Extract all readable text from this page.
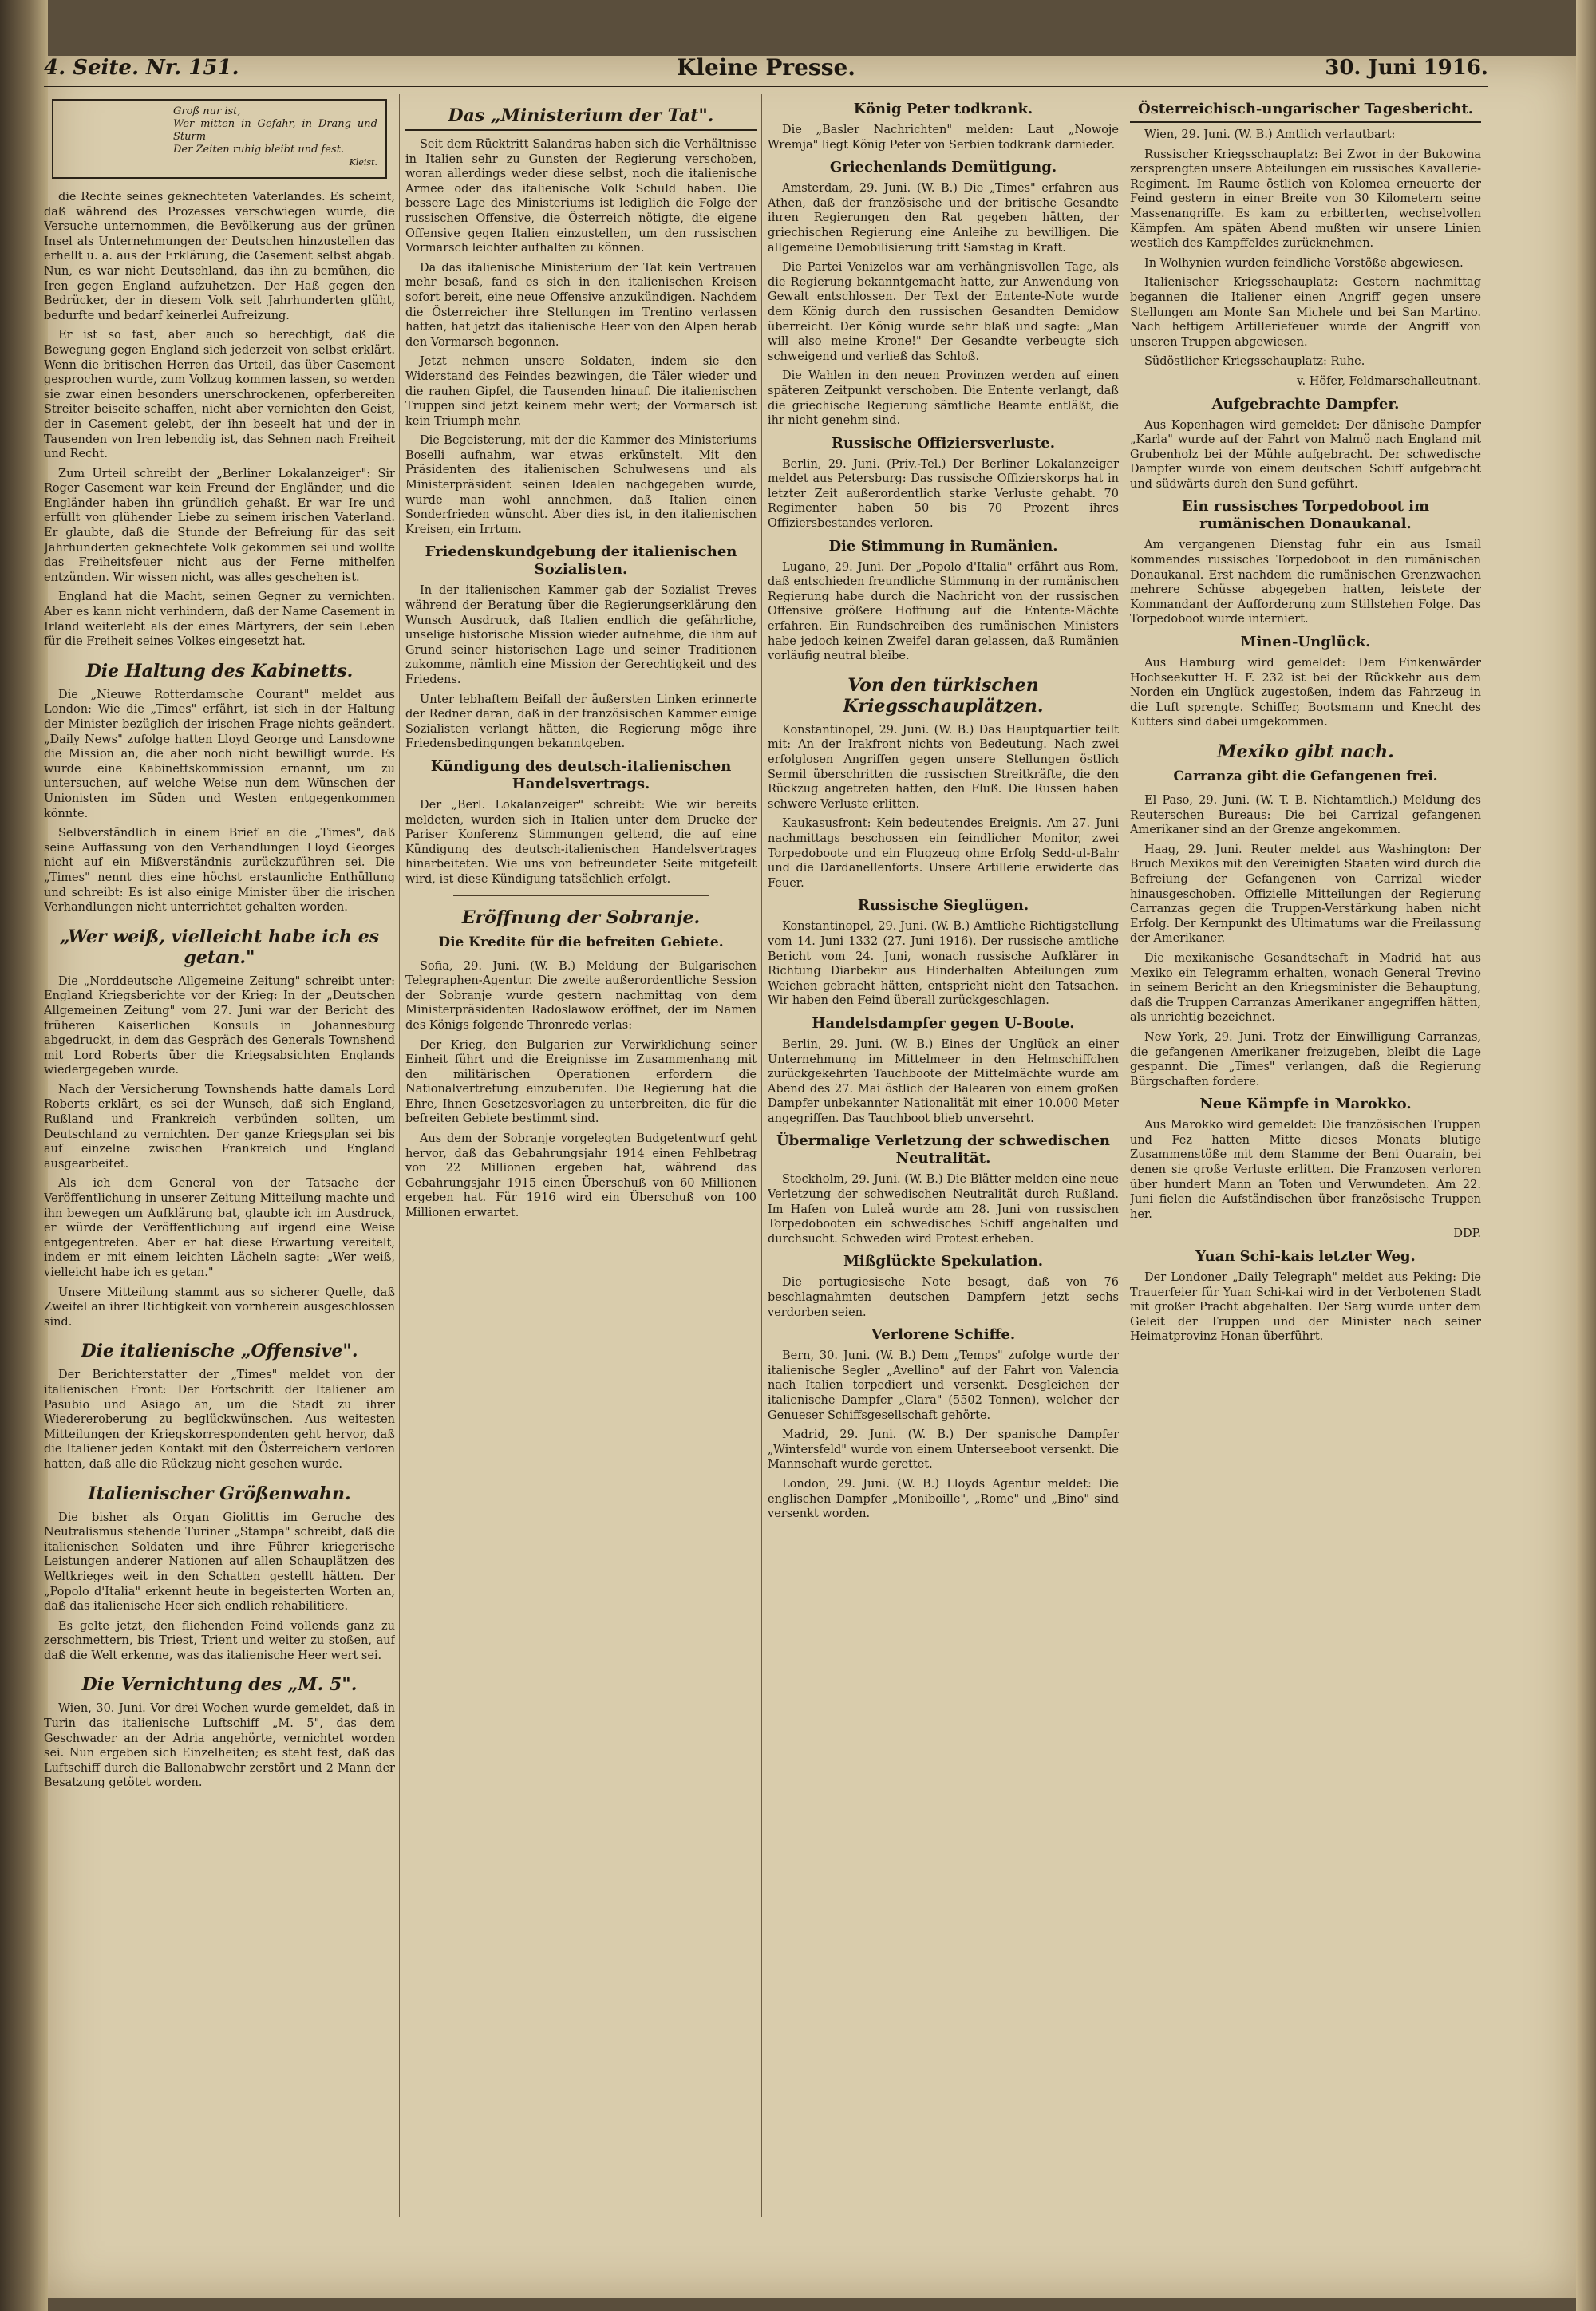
4. Seite. Nr. 151.	Kleine Presse.	30. Juni 1916.
Groß nur ist,
Wer mitten in Gefahr, in Drang und Sturm
Der Zeiten ruhig bleibt und fest.
Kleist.

die Rechte seines geknechteten Vaterlandes. Es scheint, daß während des Prozesses verschwiegen wurde, die Versuche unternommen, die Bevölkerung aus der grünen Insel als Unternehmungen der Deutschen hinzustellen das erhellt u. a. aus der Erklärung, die Casement selbst abgab. Nun, es war nicht Deutschland, das ihn zu bemühen, die Iren gegen England aufzuhetzen. Der Haß gegen den Bedrücker, der in diesem Volk seit Jahrhunderten glüht, bedurfte und bedarf keinerlei Aufreizung.

Er ist so fast, aber auch so berechtigt, daß die Bewegung gegen England sich jederzeit von selbst erklärt. Wenn die britischen Herren das Urteil, das über Casement gesprochen wurde, zum Vollzug kommen lassen, so werden sie zwar einen besonders unerschrockenen, opferbereiten Streiter beiseite schaffen, nicht aber vernichten den Geist, der in Casement gelebt, der ihn beseelt hat und der in Tausenden von Iren lebendig ist, das Sehnen nach Freiheit und Recht.

Zum Urteil schreibt der „Berliner Lokalanzeiger": Sir Roger Casement war kein Freund der Engländer, und die Engländer haben ihn gründlich gehaßt. Er war Ire und erfüllt von glühender Liebe zu seinem irischen Vaterland. Er glaubte, daß die Stunde der Befreiung für das seit Jahrhunderten geknechtete Volk gekommen sei und wollte das Freiheitsfeuer nicht aus der Ferne mithelfen entzünden. Wir wissen nicht, was alles geschehen ist.

England hat die Macht, seinen Gegner zu vernichten. Aber es kann nicht verhindern, daß der Name Casement in Irland weiterlebt als der eines Märtyrers, der sein Leben für die Freiheit seines Volkes eingesetzt hat.

Die Haltung des Kabinetts.

Die „Nieuwe Rotterdamsche Courant" meldet aus London: Wie die „Times" erfährt, ist sich in der Haltung der Minister bezüglich der irischen Frage nichts geändert. „Daily News" zufolge hatten Lloyd George und Lansdowne die Mission an, die aber noch nicht bewilligt wurde. Es wurde eine Kabinettskommission ernannt, um zu untersuchen, auf welche Weise nun dem Wünschen der Unionisten im Süden und Westen entgegenkommen könnte.

Selbverständlich in einem Brief an die „Times", daß seine Auffassung von den Verhandlungen Lloyd Georges nicht auf ein Mißverständnis zurückzuführen sei. Die „Times" nennt dies eine höchst erstaunliche Enthüllung und schreibt: Es ist also einige Minister über die irischen Verhandlungen nicht unterrichtet gehalten worden.

„Wer weiß, vielleicht habe ich es getan."

Die „Norddeutsche Allgemeine Zeitung" schreibt unter: England Kriegsberichte vor der Krieg: In der „Deutschen Allgemeinen Zeitung" vom 27. Juni war der Bericht des früheren Kaiserlichen Konsuls in Johannesburg abgedruckt, in dem das Gespräch des Generals Townshend mit Lord Roberts über die Kriegsabsichten Englands wiedergegeben wurde.

Nach der Versicherung Townshends hatte damals Lord Roberts erklärt, es sei der Wunsch, daß sich England, Rußland und Frankreich verbünden sollten, um Deutschland zu vernichten. Der ganze Kriegsplan sei bis auf einzelne zwischen Frankreich und England ausgearbeitet.

Als ich dem General von der Tatsache der Veröffentlichung in unserer Zeitung Mitteilung machte und ihn bewegen um Aufklärung bat, glaubte ich im Ausdruck, er würde der Veröffentlichung auf irgend eine Weise entgegentreten. Aber er hat diese Erwartung vereitelt, indem er mit einem leichten Lächeln sagte: „Wer weiß, vielleicht habe ich es getan."

Unsere Mitteilung stammt aus so sicherer Quelle, daß Zweifel an ihrer Richtigkeit von vornherein ausgeschlossen sind.

Die italienische „Offensive".

Der Berichterstatter der „Times" meldet von der italienischen Front: Der Fortschritt der Italiener am Pasubio und Asiago an, um die Stadt zu ihrer Wiedereroberung zu beglückwünschen. Aus weitesten Mitteilungen der Kriegskorrespondenten geht hervor, daß die Italiener jeden Kontakt mit den Österreichern verloren hatten, daß alle die Rückzug nicht gesehen wurde.

Italienischer Größenwahn.

Die bisher als Organ Giolittis im Geruche des Neutralismus stehende Turiner „Stampa" schreibt, daß die italienischen Soldaten und ihre Führer kriegerische Leistungen anderer Nationen auf allen Schauplätzen des Weltkrieges weit in den Schatten gestellt hätten. Der „Popolo d'Italia" erkennt heute in begeisterten Worten an, daß das italienische Heer sich endlich rehabilitiere.

Es gelte jetzt, den fliehenden Feind vollends ganz zu zerschmettern, bis Triest, Trient und weiter zu stoßen, auf daß die Welt erkenne, was das italienische Heer wert sei.

Die Vernichtung des „M. 5".

Wien, 30. Juni. Vor drei Wochen wurde gemeldet, daß in Turin das italienische Luftschiff „M. 5", das dem Geschwader an der Adria angehörte, vernichtet worden sei. Nun ergeben sich Einzelheiten; es steht fest, daß das Luftschiff durch die Ballonabwehr zerstört und 2 Mann der Besatzung getötet worden.

Das „Ministerium der Tat".

Seit dem Rücktritt Salandras haben sich die Verhältnisse in Italien sehr zu Gunsten der Regierung verschoben, woran allerdings weder diese selbst, noch die italienische Armee oder das italienische Volk Schuld haben. Die bessere Lage des Ministeriums ist lediglich die Folge der russischen Offensive, die Österreich nötigte, die eigene Offensive gegen Italien einzustellen, um den russischen Vormarsch leichter aufhalten zu können.

Da das italienische Ministerium der Tat kein Vertrauen mehr besaß, fand es sich in den italienischen Kreisen sofort bereit, eine neue Offensive anzukündigen. Nachdem die Österreicher ihre Stellungen im Trentino verlassen hatten, hat jetzt das italienische Heer von den Alpen herab den Vormarsch begonnen.

Jetzt nehmen unsere Soldaten, indem sie den Widerstand des Feindes bezwingen, die Täler wieder und die rauhen Gipfel, die Tausenden hinauf. Die italienischen Truppen sind jetzt keinem mehr wert; der Vormarsch ist kein Triumph mehr.

Die Begeisterung, mit der die Kammer des Ministeriums Boselli aufnahm, war etwas erkünstelt. Mit den Präsidenten des italienischen Schulwesens und als Ministerpräsident seinen Idealen nachgegeben wurde, wurde man wohl annehmen, daß Italien einen Sonderfrieden wünscht. Aber dies ist, in den italienischen Kreisen, ein Irrtum.

Friedenskundgebung der italienischen Sozialisten.

In der italienischen Kammer gab der Sozialist Treves während der Beratung über die Regierungserklärung den Wunsch Ausdruck, daß Italien endlich die gefährliche, unselige historische Mission wieder aufnehme, die ihm auf Grund seiner historischen Lage und seiner Traditionen zukomme, nämlich eine Mission der Gerechtigkeit und des Friedens.

Unter lebhaftem Beifall der äußersten Linken erinnerte der Redner daran, daß in der französischen Kammer einige Sozialisten verlangt hätten, die Regierung möge ihre Friedensbedingungen bekanntgeben.

Kündigung des deutsch-italienischen Handelsvertrags.

Der „Berl. Lokalanzeiger" schreibt: Wie wir bereits meldeten, wurden sich in Italien unter dem Drucke der Pariser Konferenz Stimmungen geltend, die auf eine Kündigung des deutsch-italienischen Handelsvertrages hinarbeiteten. Wie uns von befreundeter Seite mitgeteilt wird, ist diese Kündigung tatsächlich erfolgt.

Eröffnung der Sobranje.
Die Kredite für die befreiten Gebiete.

Sofia, 29. Juni. (W. B.) Meldung der Bulgarischen Telegraphen-Agentur. Die zweite außerordentliche Session der Sobranje wurde gestern nachmittag von dem Ministerpräsidenten Radoslawow eröffnet, der im Namen des Königs folgende Thronrede verlas:

Der Krieg, den Bulgarien zur Verwirklichung seiner Einheit führt und die Ereignisse im Zusammenhang mit den militärischen Operationen erfordern die Nationalvertretung einzuberufen. Die Regierung hat die Ehre, Ihnen Gesetzesvorlagen zu unterbreiten, die für die befreiten Gebiete bestimmt sind.

Aus dem der Sobranje vorgelegten Budgetentwurf geht hervor, daß das Gebahrungsjahr 1914 einen Fehlbetrag von 22 Millionen ergeben hat, während das Gebahrungsjahr 1915 einen Überschuß von 60 Millionen ergeben hat. Für 1916 wird ein Überschuß von 100 Millionen erwartet.

König Peter todkrank.

Die „Basler Nachrichten" melden: Laut „Nowoje Wremja" liegt König Peter von Serbien todkrank darnieder.

Griechenlands Demütigung.

Amsterdam, 29. Juni. (W. B.) Die „Times" erfahren aus Athen, daß der französische und der britische Gesandte ihren Regierungen den Rat gegeben hätten, der griechischen Regierung eine Anleihe zu bewilligen. Die allgemeine Demobilisierung tritt Samstag in Kraft.

Die Partei Venizelos war am verhängnisvollen Tage, als die Regierung bekanntgemacht hatte, zur Anwendung von Gewalt entschlossen. Der Text der Entente-Note wurde dem König durch den russischen Gesandten Demidow überreicht. Der König wurde sehr blaß und sagte: „Man will also meine Krone!" Der Gesandte verbeugte sich schweigend und verließ das Schloß.

Die Wahlen in den neuen Provinzen werden auf einen späteren Zeitpunkt verschoben. Die Entente verlangt, daß die griechische Regierung sämtliche Beamte entläßt, die ihr nicht genehm sind.

Russische Offiziersverluste.

Berlin, 29. Juni. (Priv.-Tel.) Der Berliner Lokalanzeiger meldet aus Petersburg: Das russische Offizierskorps hat in letzter Zeit außerordentlich starke Verluste gehabt. 70 Regimenter haben 50 bis 70 Prozent ihres Offiziersbestandes verloren.

Die Stimmung in Rumänien.

Lugano, 29. Juni. Der „Popolo d'Italia" erfährt aus Rom, daß entschieden freundliche Stimmung in der rumänischen Regierung habe durch die Nachricht von der russischen Offensive größere Hoffnung auf die Entente-Mächte erfahren. Ein Rundschreiben des rumänischen Ministers habe jedoch keinen Zweifel daran gelassen, daß Rumänien vorläufig neutral bleibe.

Von den türkischen Kriegsschauplätzen.

Konstantinopel, 29. Juni. (W. B.) Das Hauptquartier teilt mit: An der Irakfront nichts von Bedeutung. Nach zwei erfolglosen Angriffen gegen unsere Stellungen östlich Sermil überschritten die russischen Streitkräfte, die den Rückzug angetreten hatten, den Fluß. Die Russen haben schwere Verluste erlitten.

Kaukasusfront: Kein bedeutendes Ereignis. Am 27. Juni nachmittags beschossen ein feindlicher Monitor, zwei Torpedoboote und ein Flugzeug ohne Erfolg Sedd-ul-Bahr und die Dardanellenforts. Unsere Artillerie erwiderte das Feuer.

Russische Sieglügen.

Konstantinopel, 29. Juni. (W. B.) Amtliche Richtigstellung vom 14. Juni 1332 (27. Juni 1916). Der russische amtliche Bericht vom 24. Juni, wonach russische Aufklärer in Richtung Diarbekir aus Hinderhalten Abteilungen zum Weichen gebracht hätten, entspricht nicht den Tatsachen. Wir haben den Feind überall zurückgeschlagen.

Handelsdampfer gegen U-Boote.

Berlin, 29. Juni. (W. B.) Eines der Unglück an einer Unternehmung im Mittelmeer in den Helmschiffchen zurückgekehrten Tauchboote der Mittelmächte wurde am Abend des 27. Mai östlich der Balearen von einem großen Dampfer unbekannter Nationalität mit einer 10.000 Meter angegriffen. Das Tauchboot blieb unversehrt.

Übermalige Verletzung der schwedischen Neutralität.

Stockholm, 29. Juni. (W. B.) Die Blätter melden eine neue Verletzung der schwedischen Neutralität durch Rußland. Im Hafen von Luleå wurde am 28. Juni von russischen Torpedobooten ein schwedisches Schiff angehalten und durchsucht. Schweden wird Protest erheben.

Mißglückte Spekulation.

Die portugiesische Note besagt, daß von 76 beschlagnahmten deutschen Dampfern jetzt sechs verdorben seien.

Verlorene Schiffe.

Bern, 30. Juni. (W. B.) Dem „Temps" zufolge wurde der italienische Segler „Avellino" auf der Fahrt von Valencia nach Italien torpediert und versenkt. Desgleichen der italienische Dampfer „Clara" (5502 Tonnen), welcher der Genueser Schiffsgesellschaft gehörte.

Madrid, 29. Juni. (W. B.) Der spanische Dampfer „Wintersfeld" wurde von einem Unterseeboot versenkt. Die Mannschaft wurde gerettet.

London, 29. Juni. (W. B.) Lloyds Agentur meldet: Die englischen Dampfer „Moniboille", „Rome" und „Bino" sind versenkt worden.

Österreichisch-ungarischer Tagesbericht.

Wien, 29. Juni. (W. B.) Amtlich verlautbart:

Russischer Kriegsschauplatz: Bei Zwor in der Bukowina zersprengten unsere Abteilungen ein russisches Kavallerie-Regiment. Im Raume östlich von Kolomea erneuerte der Feind gestern in einer Breite von 30 Kilometern seine Massenangriffe. Es kam zu erbitterten, wechselvollen Kämpfen. Am späten Abend mußten wir unsere Linien westlich des Kampffeldes zurücknehmen.

In Wolhynien wurden feindliche Vorstöße abgewiesen.

Italienischer Kriegsschauplatz: Gestern nachmittag begannen die Italiener einen Angriff gegen unsere Stellungen am Monte San Michele und bei San Martino. Nach heftigem Artilleriefeuer wurde der Angriff von unseren Truppen abgewiesen.

Südöstlicher Kriegsschauplatz: Ruhe.

v. Höfer, Feldmarschalleutnant.

Aufgebrachte Dampfer.

Aus Kopenhagen wird gemeldet: Der dänische Dampfer „Karla" wurde auf der Fahrt von Malmö nach England mit Grubenholz bei der Mühle aufgebracht. Der schwedische Dampfer wurde von einem deutschen Schiff aufgebracht und südwärts durch den Sund geführt.

Ein russisches Torpedoboot im rumänischen Donaukanal.

Am vergangenen Dienstag fuhr ein aus Ismail kommendes russisches Torpedoboot in den rumänischen Donaukanal. Erst nachdem die rumänischen Grenzwachen mehrere Schüsse abgegeben hatten, leistete der Kommandant der Aufforderung zum Stillstehen Folge. Das Torpedoboot wurde interniert.

Minen-Unglück.

Aus Hamburg wird gemeldet: Dem Finkenwärder Hochseekutter H. F. 232 ist bei der Rückkehr aus dem Norden ein Unglück zugestoßen, indem das Fahrzeug in die Luft sprengte. Schiffer, Bootsmann und Knecht des Kutters sind dabei umgekommen.

Mexiko gibt nach.
Carranza gibt die Gefangenen frei.

El Paso, 29. Juni. (W. T. B. Nichtamtlich.) Meldung des Reuterschen Bureaus: Die bei Carrizal gefangenen Amerikaner sind an der Grenze angekommen.

Haag, 29. Juni. Reuter meldet aus Washington: Der Bruch Mexikos mit den Vereinigten Staaten wird durch die Befreiung der Gefangenen von Carrizal wieder hinausgeschoben. Offizielle Mitteilungen der Regierung Carranzas gegen die Truppen-Verstärkung haben nicht Erfolg. Der Kernpunkt des Ultimatums war die Freilassung der Amerikaner.

Die mexikanische Gesandtschaft in Madrid hat aus Mexiko ein Telegramm erhalten, wonach General Trevino in seinem Bericht an den Kriegsminister die Behauptung, daß die Truppen Carranzas Amerikaner angegriffen hätten, als unrichtig bezeichnet.

New York, 29. Juni. Trotz der Einwilligung Carranzas, die gefangenen Amerikaner freizugeben, bleibt die Lage gespannt. Die „Times" verlangen, daß die Regierung Bürgschaften fordere.

Neue Kämpfe in Marokko.

Aus Marokko wird gemeldet: Die französischen Truppen und Fez hatten Mitte dieses Monats blutige Zusammenstöße mit dem Stamme der Beni Ouarain, bei denen sie große Verluste erlitten. Die Franzosen verloren über hundert Mann an Toten und Verwundeten. Am 22. Juni fielen die Aufständischen über französische Truppen her.

DDP.

Yuan Schi-kais letzter Weg.

Der Londoner „Daily Telegraph" meldet aus Peking: Die Trauerfeier für Yuan Schi-kai wird in der Verbotenen Stadt mit großer Pracht abgehalten. Der Sarg wurde unter dem Geleit der Truppen und der Minister nach seiner Heimatprovinz Honan überführt.
